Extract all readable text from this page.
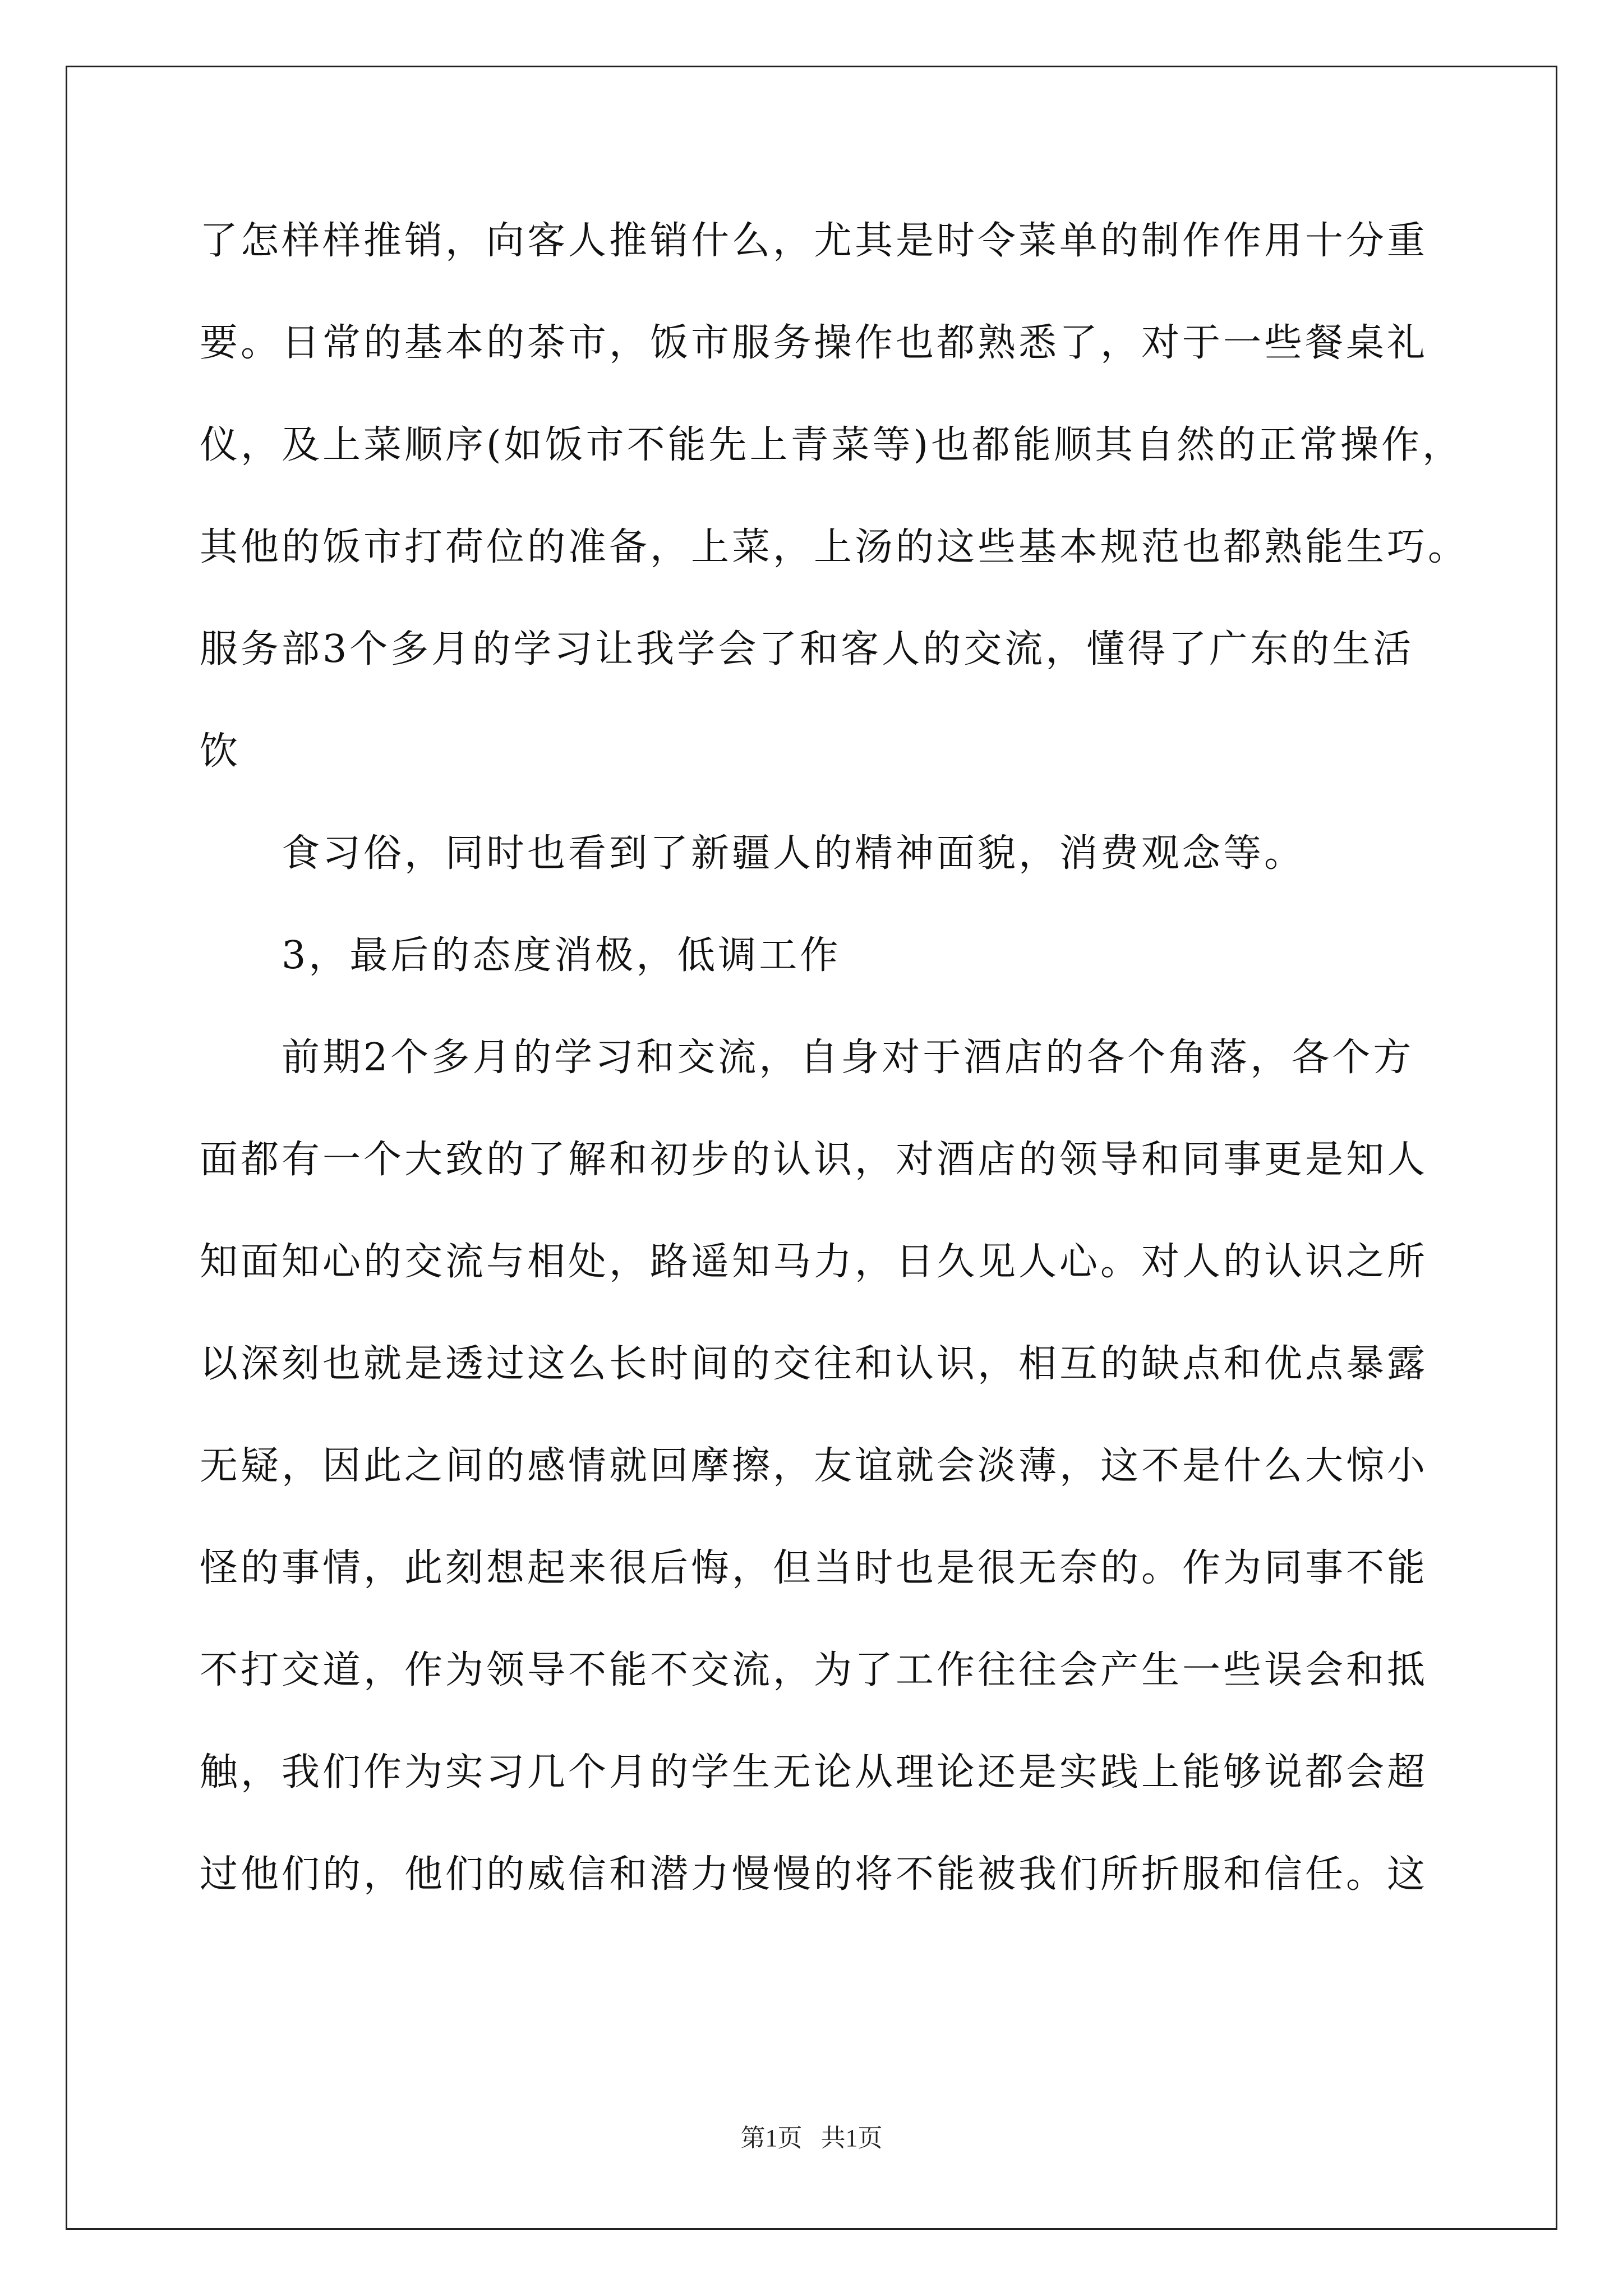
了怎样样推销，向客人推销什么，尤其是时令菜单的制作作用十分重
要。日常的基本的茶市，饭市服务操作也都熟悉了，对于一些餐桌礼
仪，及上菜顺序(如饭市不能先上青菜等)也都能顺其自然的正常操作，
其他的饭市打荷位的准备，上菜，上汤的这些基本规范也都熟能生巧。
服务部3个多月的学习让我学会了和客人的交流，懂得了广东的生活
饮
食习俗，同时也看到了新疆人的精神面貌，消费观念等。
3，最后的态度消极，低调工作
前期2个多月的学习和交流，自身对于酒店的各个角落，各个方
面都有一个大致的了解和初步的认识，对酒店的领导和同事更是知人
知面知心的交流与相处，路遥知马力，日久见人心。对人的认识之所
以深刻也就是透过这么长时间的交往和认识，相互的缺点和优点暴露
无疑，因此之间的感情就回摩擦，友谊就会淡薄，这不是什么大惊小
怪的事情，此刻想起来很后悔，但当时也是很无奈的。作为同事不能
不打交道，作为领导不能不交流，为了工作往往会产生一些误会和抵
触，我们作为实习几个月的学生无论从理论还是实践上能够说都会超
过他们的，他们的威信和潜力慢慢的将不能被我们所折服和信任。这
第1页   共1页
